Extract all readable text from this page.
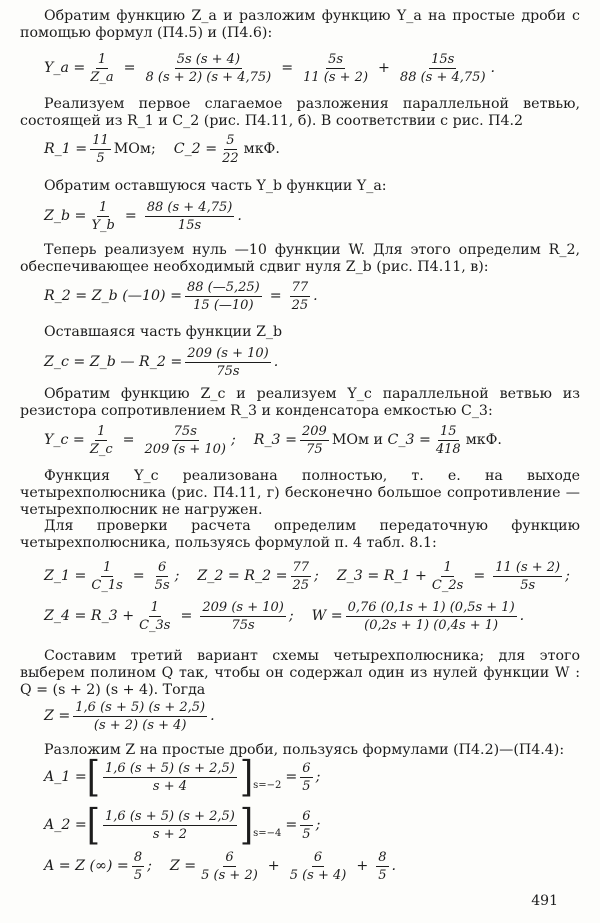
Обратим функцию Z_a и разложим функцию Y_a на простые дроби с помощью формул (П4.5) и (П4.6):

Y_a = $\frac{1}{Z\_a} = \frac{5s (s + 4)}{8 (s + 2) (s + 4,75)} = \frac{5s}{11 (s + 2)} + \frac{15s}{88 (s + 4,75)}$ .

Реализуем первое слагаемое разложения параллельной ветвью, состоящей из R_1 и C_2 (рис. П4.11, б). В соответствии с рис. П4.2

R_1 = $\frac{11}{5}$ МОм; C_2 = $\frac{5}{22}$ мкФ.

Обратим оставшуюся часть Y_b функции Y_a:

Z_b = $\frac{1}{Y\_b} = \frac{88 (s + 4,75)}{15s}$ .

Теперь реализуем нуль —10 функции W. Для этого определим R_2, обеспечивающее необходимый сдвиг нуля Z_b (рис. П4.11, в):

R_2 = Z_b (—10) = $\frac{88 (—5,25)}{15 (—10)} = \frac{77}{25}$ .

Оставшаяся часть функции Z_b

Z_c = Z_b — R_2 = $\frac{209 (s + 10)}{75s}$ .

Обратим функцию Z_c и реализуем Y_c параллельной ветвью из резистора сопротивлением R_3 и конденсатора емкостью C_3:

Y_c = $\frac{1}{Z\_c} = \frac{75s}{209 (s + 10)}$ ; R_3 = $\frac{209}{75}$ МОм и
C_3 = $\frac{15}{418}$ мкФ.

Функция Y_c реализована полностью, т. е. на выходе четырехполюсника (рис. П4.11, г) бесконечно большое сопротивление — четырехполюсник не нагружен.

Для проверки расчета определим передаточную функцию четырехполюсника, пользуясь формулой п. 4 табл. 8.1:

Z_1 = $\frac{1}{C\_1s} = \frac{6}{5s}$ ; Z_2 = R_2 = $\frac{77}{25}$ ; Z_3 = R_1 + $\frac{1}{C\_2s} = \frac{11 (s + 2)}{5s}$ ;
Z_4 = R_3 + $\frac{1}{C\_3s} = \frac{209 (s + 10)}{75s}$ ; $W = \frac{0,76 (0,1s + 1) (0,5s + 1)}{(0,2s + 1) (0,4s + 1)}$ .

Составим третий вариант схемы четырехполюсника; для этого выберем полином Q так, чтобы он содержал один из нулей функции W : Q = (s + 2) (s + 4). Тогда

$Z = \frac{1,6 (s + 5) (s + 2,5)}{(s + 2) (s + 4)}$ .

Разложим Z на простые дроби, пользуясь формулами (П4.2)—(П4.4):

A_1 = [ $\frac{1,6 (s + 5) (s + 2,5)}{s + 4}$ ] s=−2
= $\frac{6}{5}$ ;
A_2 = [ $\frac{1,6 (s + 5) (s + 2,5)}{s + 2}$ ] s=−4
= $\frac{6}{5}$ ;
A = Z (∞) = $\frac{8}{5}$ ; $Z = \frac{6}{5 (s + 2)} + \frac{6}{5 (s + 4)} + \frac{8}{5}$ .
491
